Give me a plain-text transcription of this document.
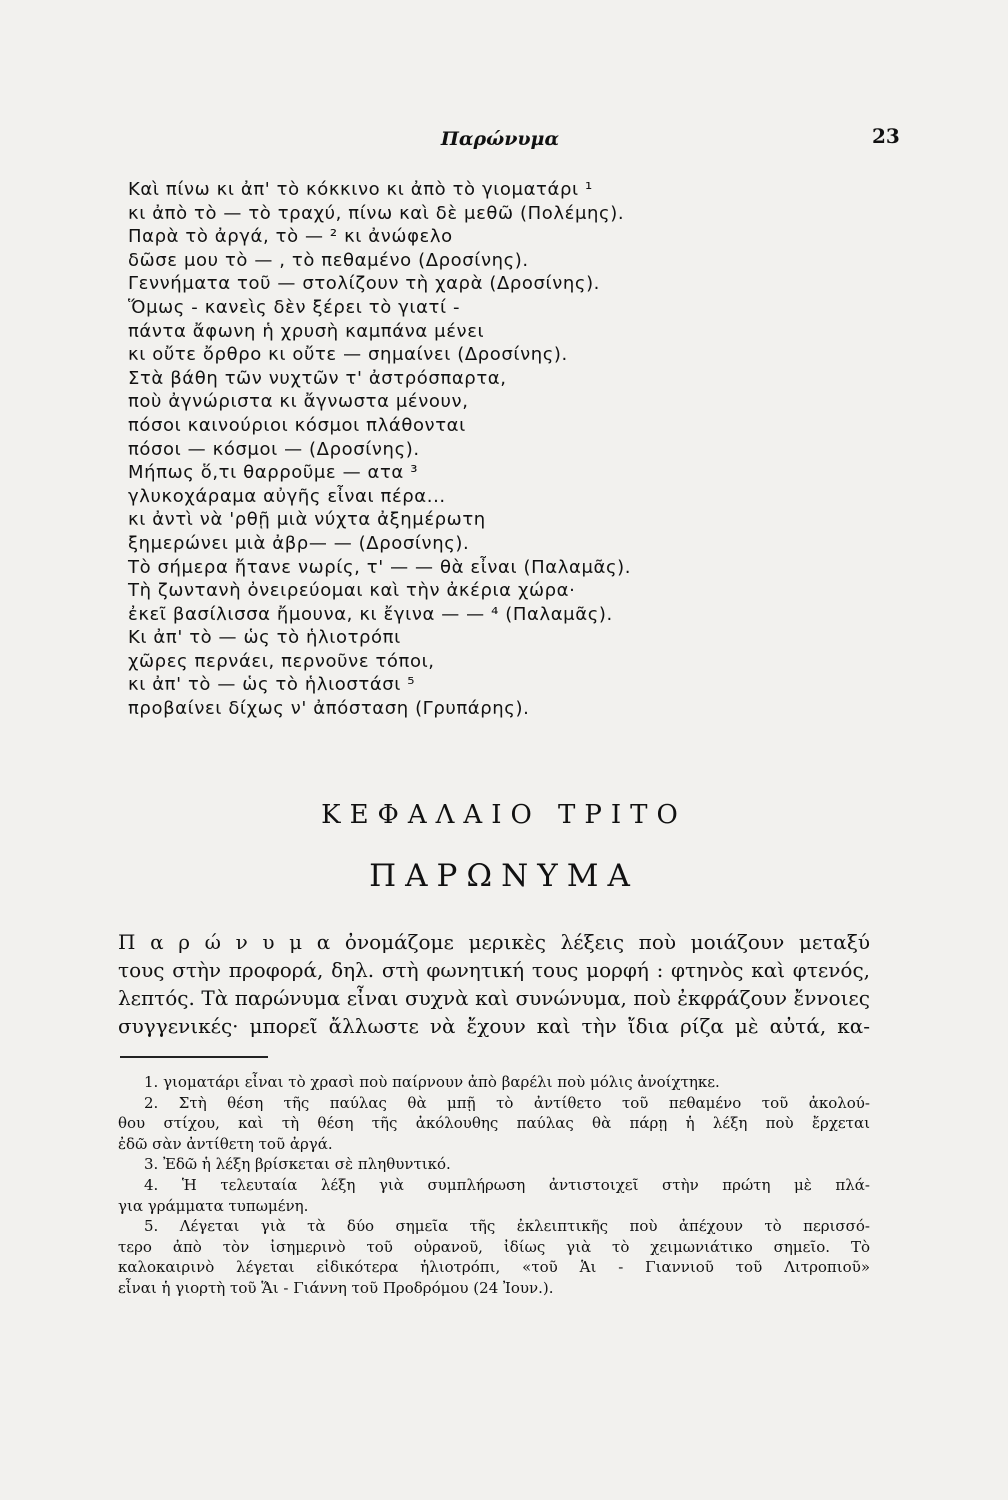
Παρώνυμα	23
Καὶ πίνω κι ἀπ' τὸ κόκκινο κι ἀπὸ τὸ γιοματάρι ¹
κι ἀπὸ τὸ — τὸ τραχύ, πίνω καὶ δὲ μεθῶ (Πολέμης).
Παρὰ τὸ ἀργά, τὸ — ² κι ἀνώφελο
δῶσε μου τὸ — , τὸ πεθαμένο (Δροσίνης).
Γεννήματα τοῦ — στολίζουν τὴ χαρὰ (Δροσίνης).
Ὅμως - κανεὶς δὲν ξέρει τὸ γιατί -
πάντα ἄφωνη ἡ χρυσὴ καμπάνα μένει
κι οὔτε ὄρθρο κι οὔτε — σημαίνει (Δροσίνης).
Στὰ βάθη τῶν νυχτῶν τ' ἀστρόσπαρτα,
ποὺ ἀγνώριστα κι ἄγνωστα μένουν,
πόσοι καινούριοι κόσμοι πλάθονται
πόσοι — κόσμοι — (Δροσίνης).
Μήπως ὅ,τι θαρροῦμε — ατα ³
γλυκοχάραμα αὐγῆς εἶναι πέρα...
κι ἀντὶ νὰ 'ρθῇ μιὰ νύχτα ἀξημέρωτη
ξημερώνει μιὰ ἀβρ— — (Δροσίνης).
Τὸ σήμερα ἤτανε νωρίς, τ' — — θὰ εἶναι (Παλαμᾶς).
Τὴ ζωντανὴ ὀνειρεύομαι καὶ τὴν ἀκέρια χώρα·
ἐκεῖ βασίλισσα ἤμουνα, κι ἔγινα — — ⁴ (Παλαμᾶς).
Κι ἀπ' τὸ — ὡς τὸ ἡλιοτρόπι
χῶρες περνάει, περνοῦνε τόποι,
κι ἀπ' τὸ — ὡς τὸ ἡλιοστάσι ⁵
προβαίνει δίχως ν' ἀπόσταση (Γρυπάρης).
ΚΕΦΑΛΑΙΟ ΤΡΙΤΟ
ΠΑΡΩΝΥΜΑ
Π α ρ ώ ν υ μ α ὀνομάζομε μερικὲς λέξεις ποὺ μοιάζουν μεταξύ
τους στὴν προφορά, δηλ. στὴ φωνητική τους μορφή : φτηνὸς καὶ φτενός,
λεπτός. Τὰ παρώνυμα εἶναι συχνὰ καὶ συνώνυμα, ποὺ ἐκφράζουν ἔννοιες
συγγενικές· μπορεῖ ἄλλωστε νὰ ἔχουν καὶ τὴν ἴδια ρίζα μὲ αὐτά, κα-
1. γιοματάρι εἶναι τὸ χρασὶ ποὺ παίρνουν ἀπὸ βαρέλι ποὺ μόλις ἀνοίχτηκε.
2. Στὴ θέση τῆς παύλας θὰ μπῇ τὸ ἀντίθετο τοῦ πεθαμένο τοῦ ἀκολού-
θου στίχου, καὶ τὴ θέση τῆς ἀκόλουθης παύλας θὰ πάρῃ ἡ λέξη ποὺ ἔρχεται
ἐδῶ σὰν ἀντίθετη τοῦ ἀργά.
3. Ἐδῶ ἡ λέξη βρίσκεται σὲ πληθυντικό.
4. Ἡ τελευταία λέξη γιὰ συμπλήρωση ἀντιστοιχεῖ στὴν πρώτη μὲ πλά-
για γράμματα τυπωμένη.
5. Λέγεται γιὰ τὰ δύο σημεῖα τῆς ἐκλειπτικῆς ποὺ ἀπέχουν τὸ περισσό-
τερο ἀπὸ τὸν ἰσημερινὸ τοῦ οὐρανοῦ, ἰδίως γιὰ τὸ χειμωνιάτικο σημεῖο. Τὸ
καλοκαιρινὸ λέγεται εἰδικότερα ἡλιοτρόπι, «τοῦ Ἁι - Γιαννιοῦ τοῦ Λιτροπιοῦ»
εἶναι ἡ γιορτὴ τοῦ Ἅι - Γιάννη τοῦ Προδρόμου (24 Ἰουν.).
